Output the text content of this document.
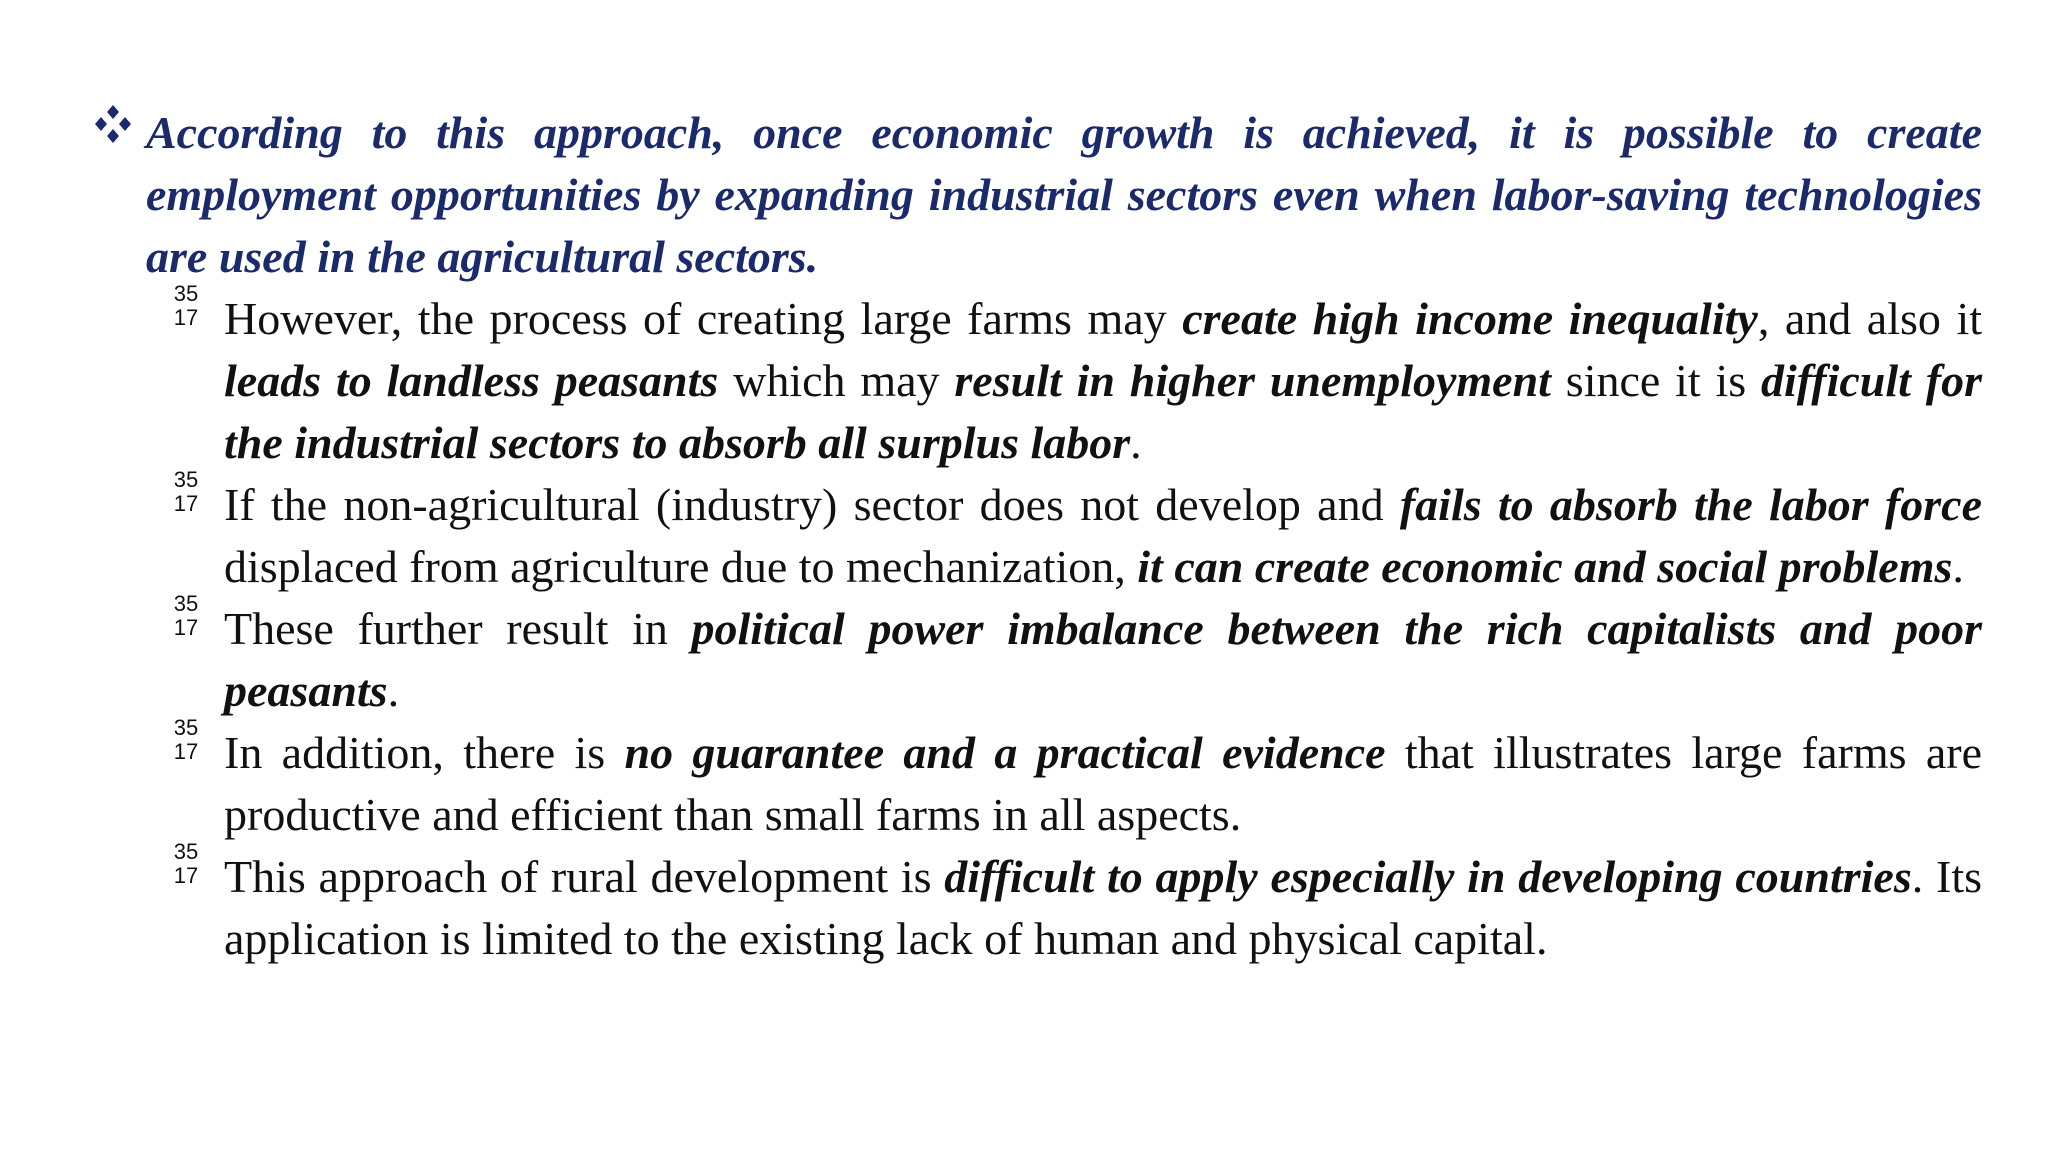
According to this approach, once economic growth is achieved, it is possible to create employment opportunities by expanding industrial sectors even when labor-saving technologies are used in the agricultural sectors.
35
17 However, the process of creating large farms may create high income inequality, and also it leads to landless peasants which may result in higher unemployment since it is difficult for the industrial sectors to absorb all surplus labor.
35
17 If the non-agricultural (industry) sector does not develop and fails to absorb the labor force displaced from agriculture due to mechanization, it can create economic and social problems.
35
17 These further result in political power imbalance between the rich capitalists and poor peasants.
35
17 In addition, there is no guarantee and a practical evidence that illustrates large farms are productive and efficient than small farms in all aspects.
35
17 This approach of rural development is difficult to apply especially in developing countries. Its application is limited to the existing lack of human and physical capital.
